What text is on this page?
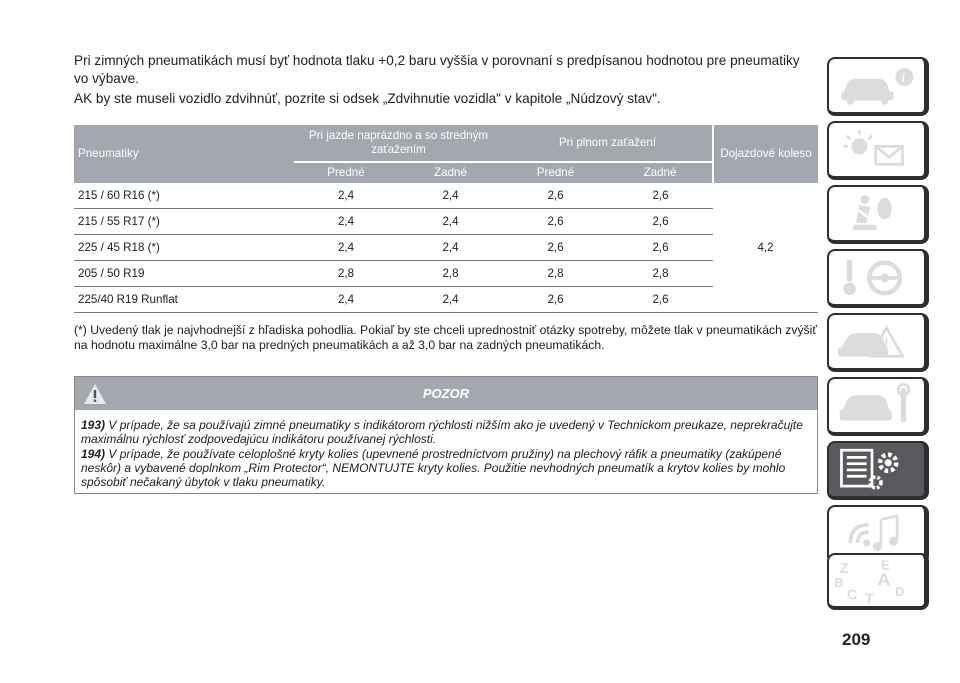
Pri zimných pneumatikách musí byť hodnota tlaku +0,2 baru vyššia v porovnaní s predpísanou hodnotou pre pneumatiky vo výbave.

AK by ste museli vozidlo zdvihnúť, pozrite si odsek „Zdvihnutie vozidla" v kapitole „Núdzový stav".

Pneumatiky	Pri jazde naprázdno a so stredným zaťažením		Pri plnom zaťažení		Dojazdové koleso
	Predné	Zadné	Predné	Zadné	
215 / 60 R16 (*)	2,4	2,4	2,6	2,6	4,2
215 / 55 R17 (*)	2,4	2,4	2,6	2,6	
225 / 45 R18 (*)	2,4	2,4	2,6	2,6	
205 / 50 R19	2,8	2,8	2,8	2,8	
225/40 R19 Runflat	2,4	2,4	2,6	2,6	
(*) Uvedený tlak je najvhodnejší z hľadiska pohodlia. Pokiaľ by ste chceli uprednostniť otázky spotreby, môžete tlak v pneumatikách zvýšiť na hodnotu maximálne 3,0 bar na predných pneumatikách a až 3,0 bar na zadných pneumatikách.
POZOR

193) V prípade, že sa používajú zimné pneumatiky s indikátorom rýchlosti nižším ako je uvedený v Technickom preukaze, neprekračujte maximálnu rýchlosť zodpovedajúcu indikátoru používanej rýchlosti.

194) V prípade, že používate celoplošné kryty kolies (upevnené prostredníctvom pružiny) na plechový ráfik a pneumatiky (zakúpené neskôr) a vybavené doplnkom „Rim Protector“, NEMONTUJTE kryty kolies. Použitie nevhodných pneumatík a krytov kolies by mohlo spôsobiť nečakaný úbytok v tlaku pneumatiky.

i
Z E
B A
C T D
209
